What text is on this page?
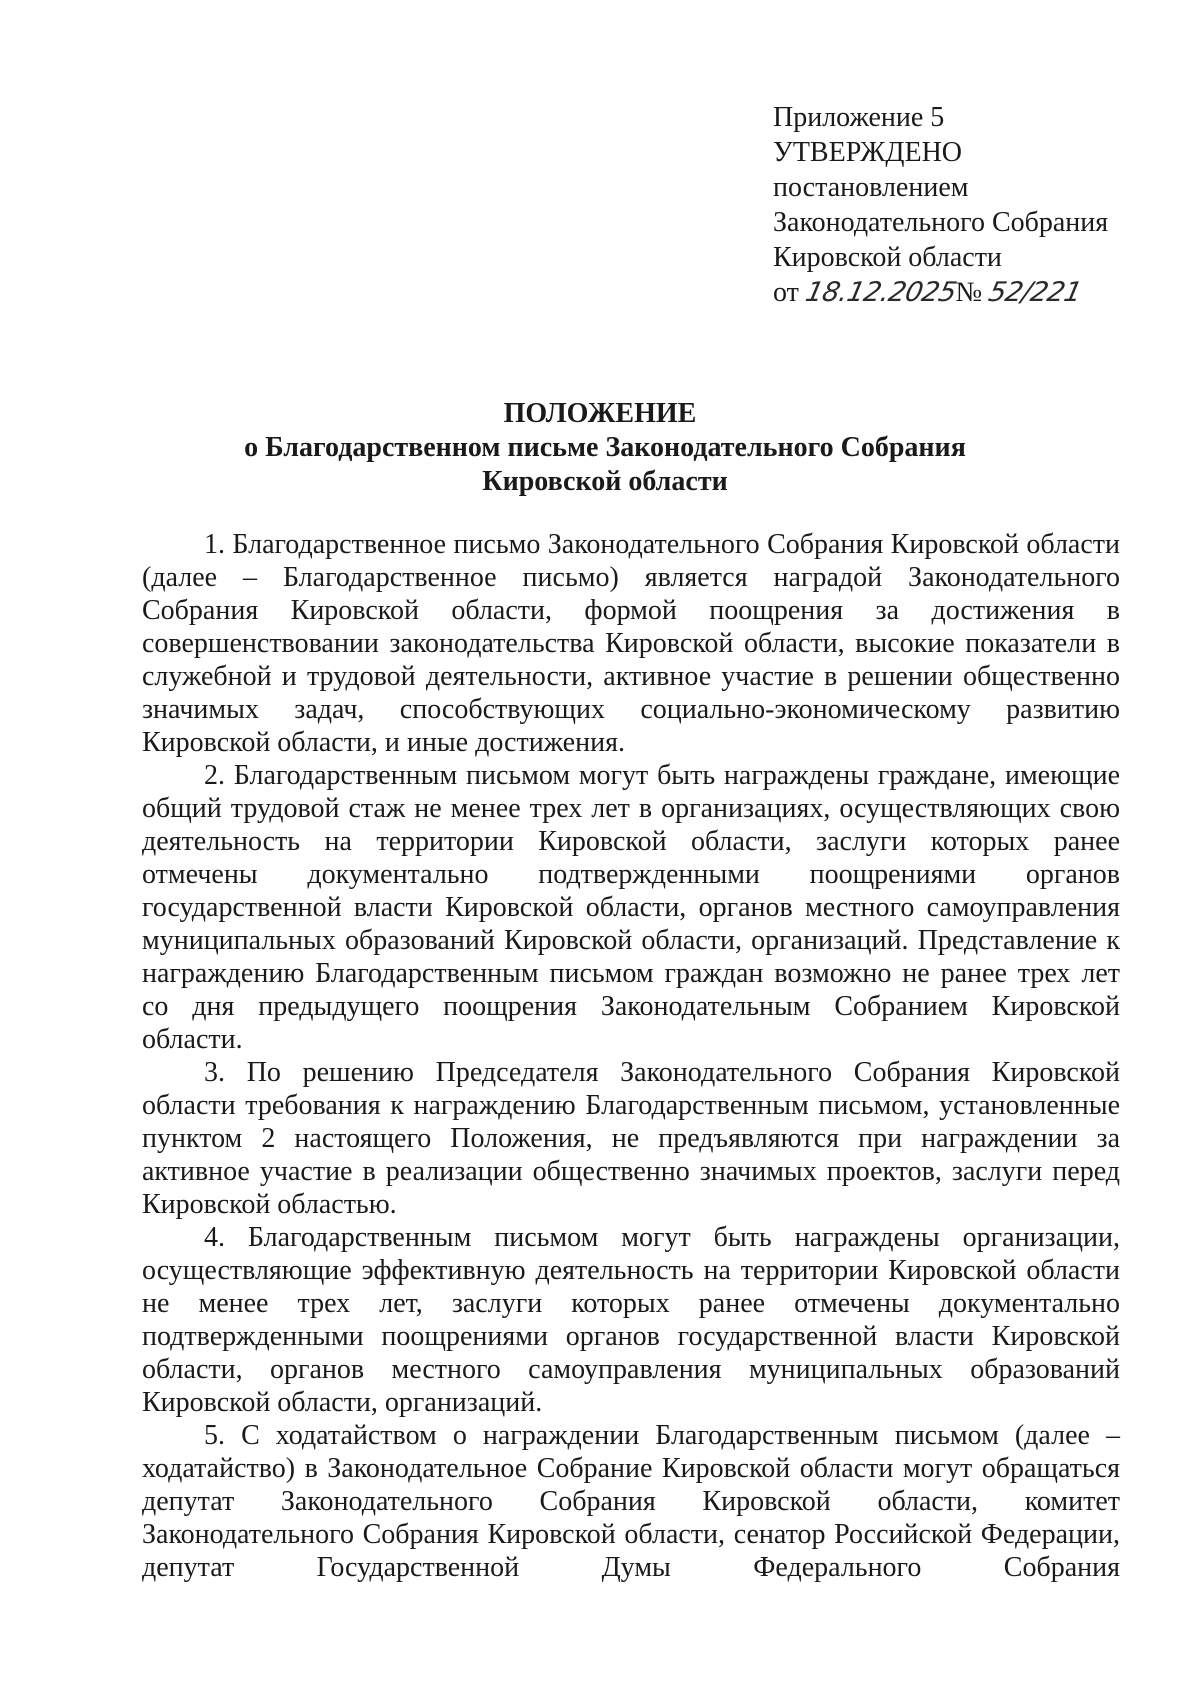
Приложение 5

УТВЕРЖДЕНО

постановлением

Законодательного Собрания

Кировской области

от 18.12.2025№ 52/221

ПОЛОЖЕНИЕ
о Благодарственном письме Законодательного Собрания
Кировской области

1. Благодарственное письмо Законодательного Собрания Кировской области (далее – Благодарственное письмо) является наградой Законодательного Собрания Кировской области, формой поощрения за достижения в совершенствовании законодательства Кировской области, высокие показатели в служебной и трудовой деятельности, активное участие в решении общественно значимых задач, способствующих социально-экономическому развитию Кировской области, и иные достижения.

2. Благодарственным письмом могут быть награждены граждане, имеющие общий трудовой стаж не менее трех лет в организациях, осуществляющих свою деятельность на территории Кировской области, заслуги которых ранее отмечены документально подтвержденными поощрениями органов государственной власти Кировской области, органов местного самоуправления муниципальных образований Кировской области, организаций. Представление к награждению Благодарственным письмом граждан возможно не ранее трех лет со дня предыдущего поощрения Законодательным Собранием Кировской области.

3. По решению Председателя Законодательного Собрания Кировской области требования к награждению Благодарственным письмом, установленные пунктом 2 настоящего Положения, не предъявляются при награждении за активное участие в реализации общественно значимых проектов, заслуги перед Кировской областью.

4. Благодарственным письмом могут быть награждены организации, осуществляющие эффективную деятельность на территории Кировской области не менее трех лет, заслуги которых ранее отмечены документально подтвержденными поощрениями органов государственной власти Кировской области, органов местного самоуправления муниципальных образований Кировской области, организаций.

5. С ходатайством о награждении Благодарственным письмом (далее – ходатайство) в Законодательное Собрание Кировской области могут обращаться депутат Законодательного Собрания Кировской области, комитет Законодательного Собрания Кировской области, сенатор Российской Федерации, депутат Государственной Думы Федерального Собрания
